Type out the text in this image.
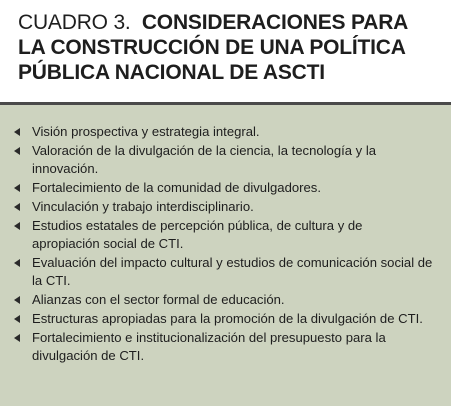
CUADRO 3. CONSIDERACIONES PARA
LA CONSTRUCCIÓN DE UNA POLÍTICA
PÚBLICA NACIONAL DE ASCTI
Visión prospectiva y estrategia integral.
Valoración de la divulgación de la ciencia, la tecnología y la innovación.
Fortalecimiento de la comunidad de divulgadores.
Vinculación y trabajo interdisciplinario.
Estudios estatales de percepción pública, de cultura y de apropiación social de CTI.
Evaluación del impacto cultural y estudios de comunicación social de la CTI.
Alianzas con el sector formal de educación.
Estructuras apropiadas para la promoción de la divulgación de CTI.
Fortalecimiento e institucionalización del presupuesto para la divulgación de CTI.
